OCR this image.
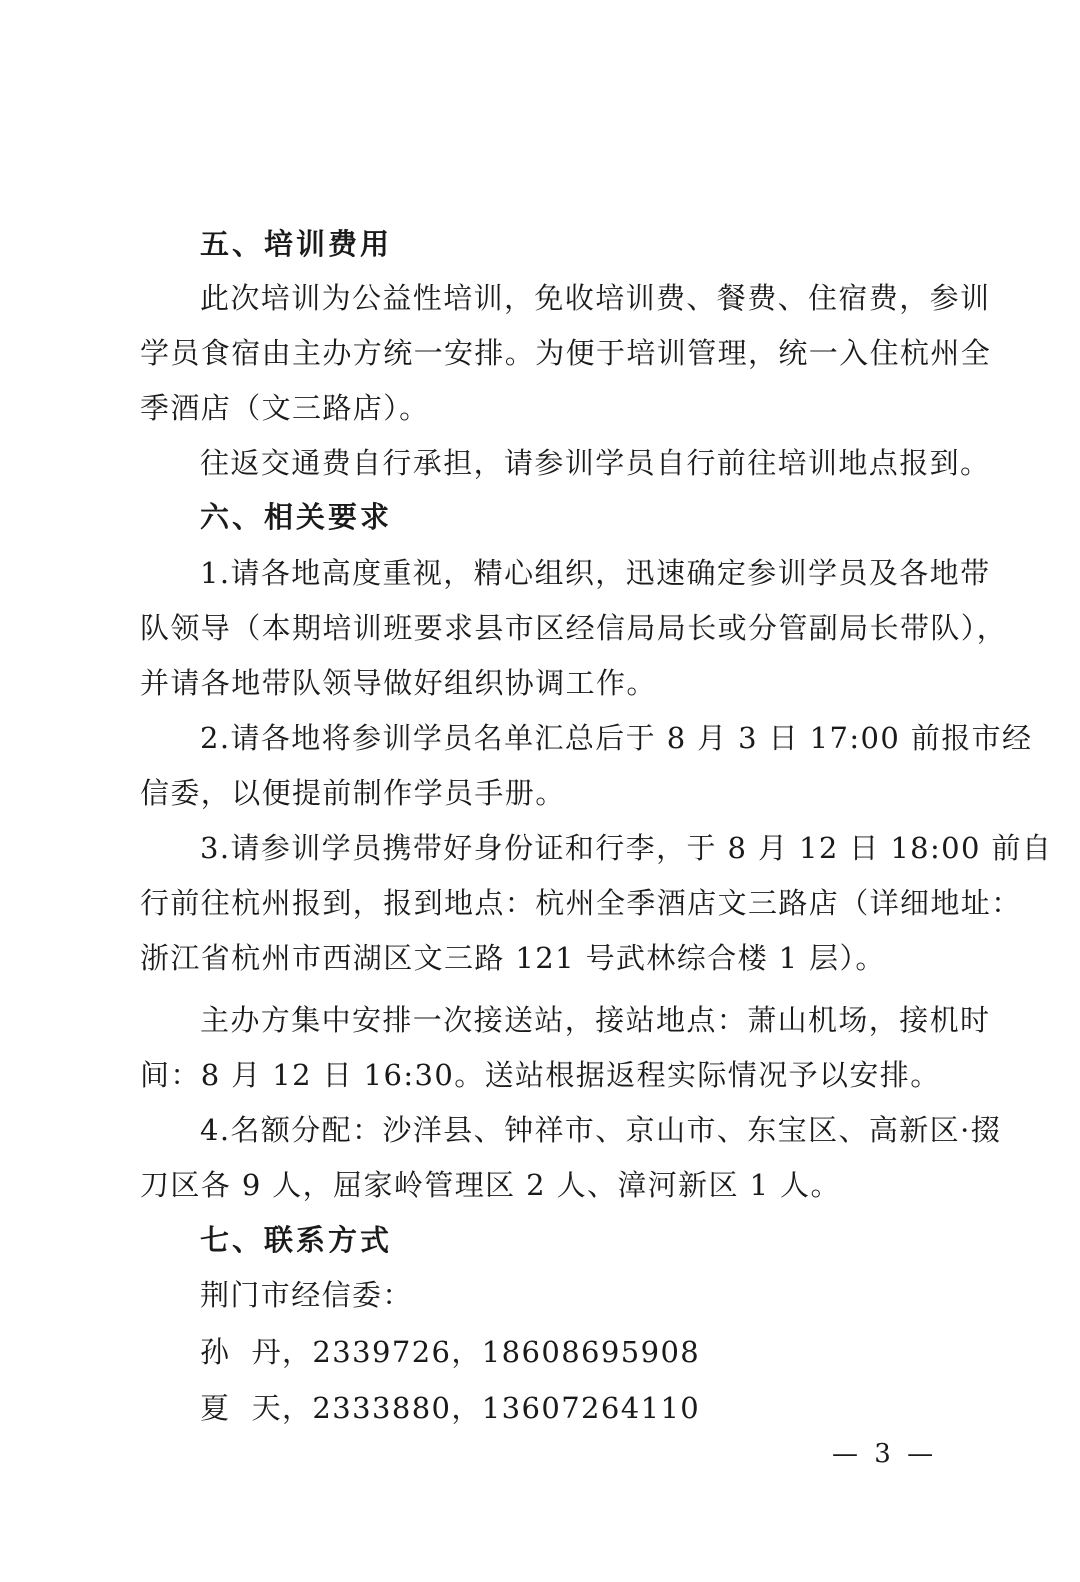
五、培训费用
此次培训为公益性培训，免收培训费、餐费、住宿费，参训
学员食宿由主办方统一安排。为便于培训管理，统一入住杭州全
季酒店（文三路店）。
往返交通费自行承担，请参训学员自行前往培训地点报到。
六、相关要求
1.请各地高度重视，精心组织，迅速确定参训学员及各地带
队领导（本期培训班要求县市区经信局局长或分管副局长带队），
并请各地带队领导做好组织协调工作。
2.请各地将参训学员名单汇总后于 8 月 3 日 17:00 前报市经
信委，以便提前制作学员手册。
3.请参训学员携带好身份证和行李，于 8 月 12 日 18:00 前自
行前往杭州报到，报到地点：杭州全季酒店文三路店（详细地址：
浙江省杭州市西湖区文三路 121 号武林综合楼 1 层）。
主办方集中安排一次接送站，接站地点：萧山机场，接机时
间：8 月 12 日 16:30。送站根据返程实际情况予以安排。
4.名额分配：沙洋县、钟祥市、京山市、东宝区、高新区·掇
刀区各 9 人，屈家岭管理区 2 人、漳河新区 1 人。
七、联系方式
荆门市经信委：
孙  丹，2339726，18608695908
夏  天，2333880，13607264110
— 3 —
